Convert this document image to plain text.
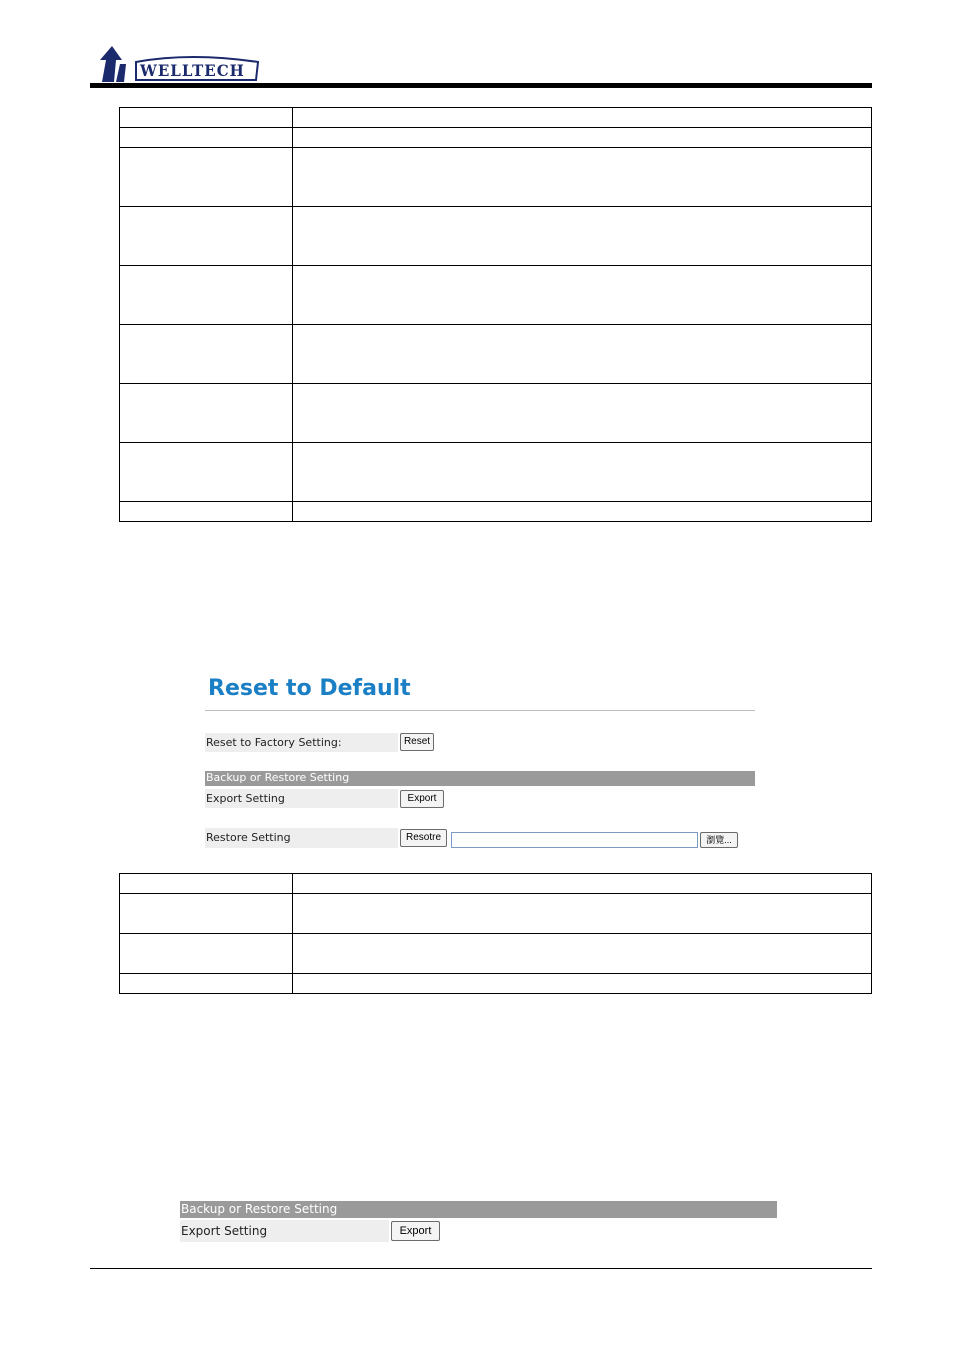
WELLTECH

Reset to Default
Reset to Factory Setting:	Reset
Backup or Restore Setting
Export Setting	Export
Restore Setting	Resotre	瀏覽...

Backup or Restore Setting
Export Setting	Export
